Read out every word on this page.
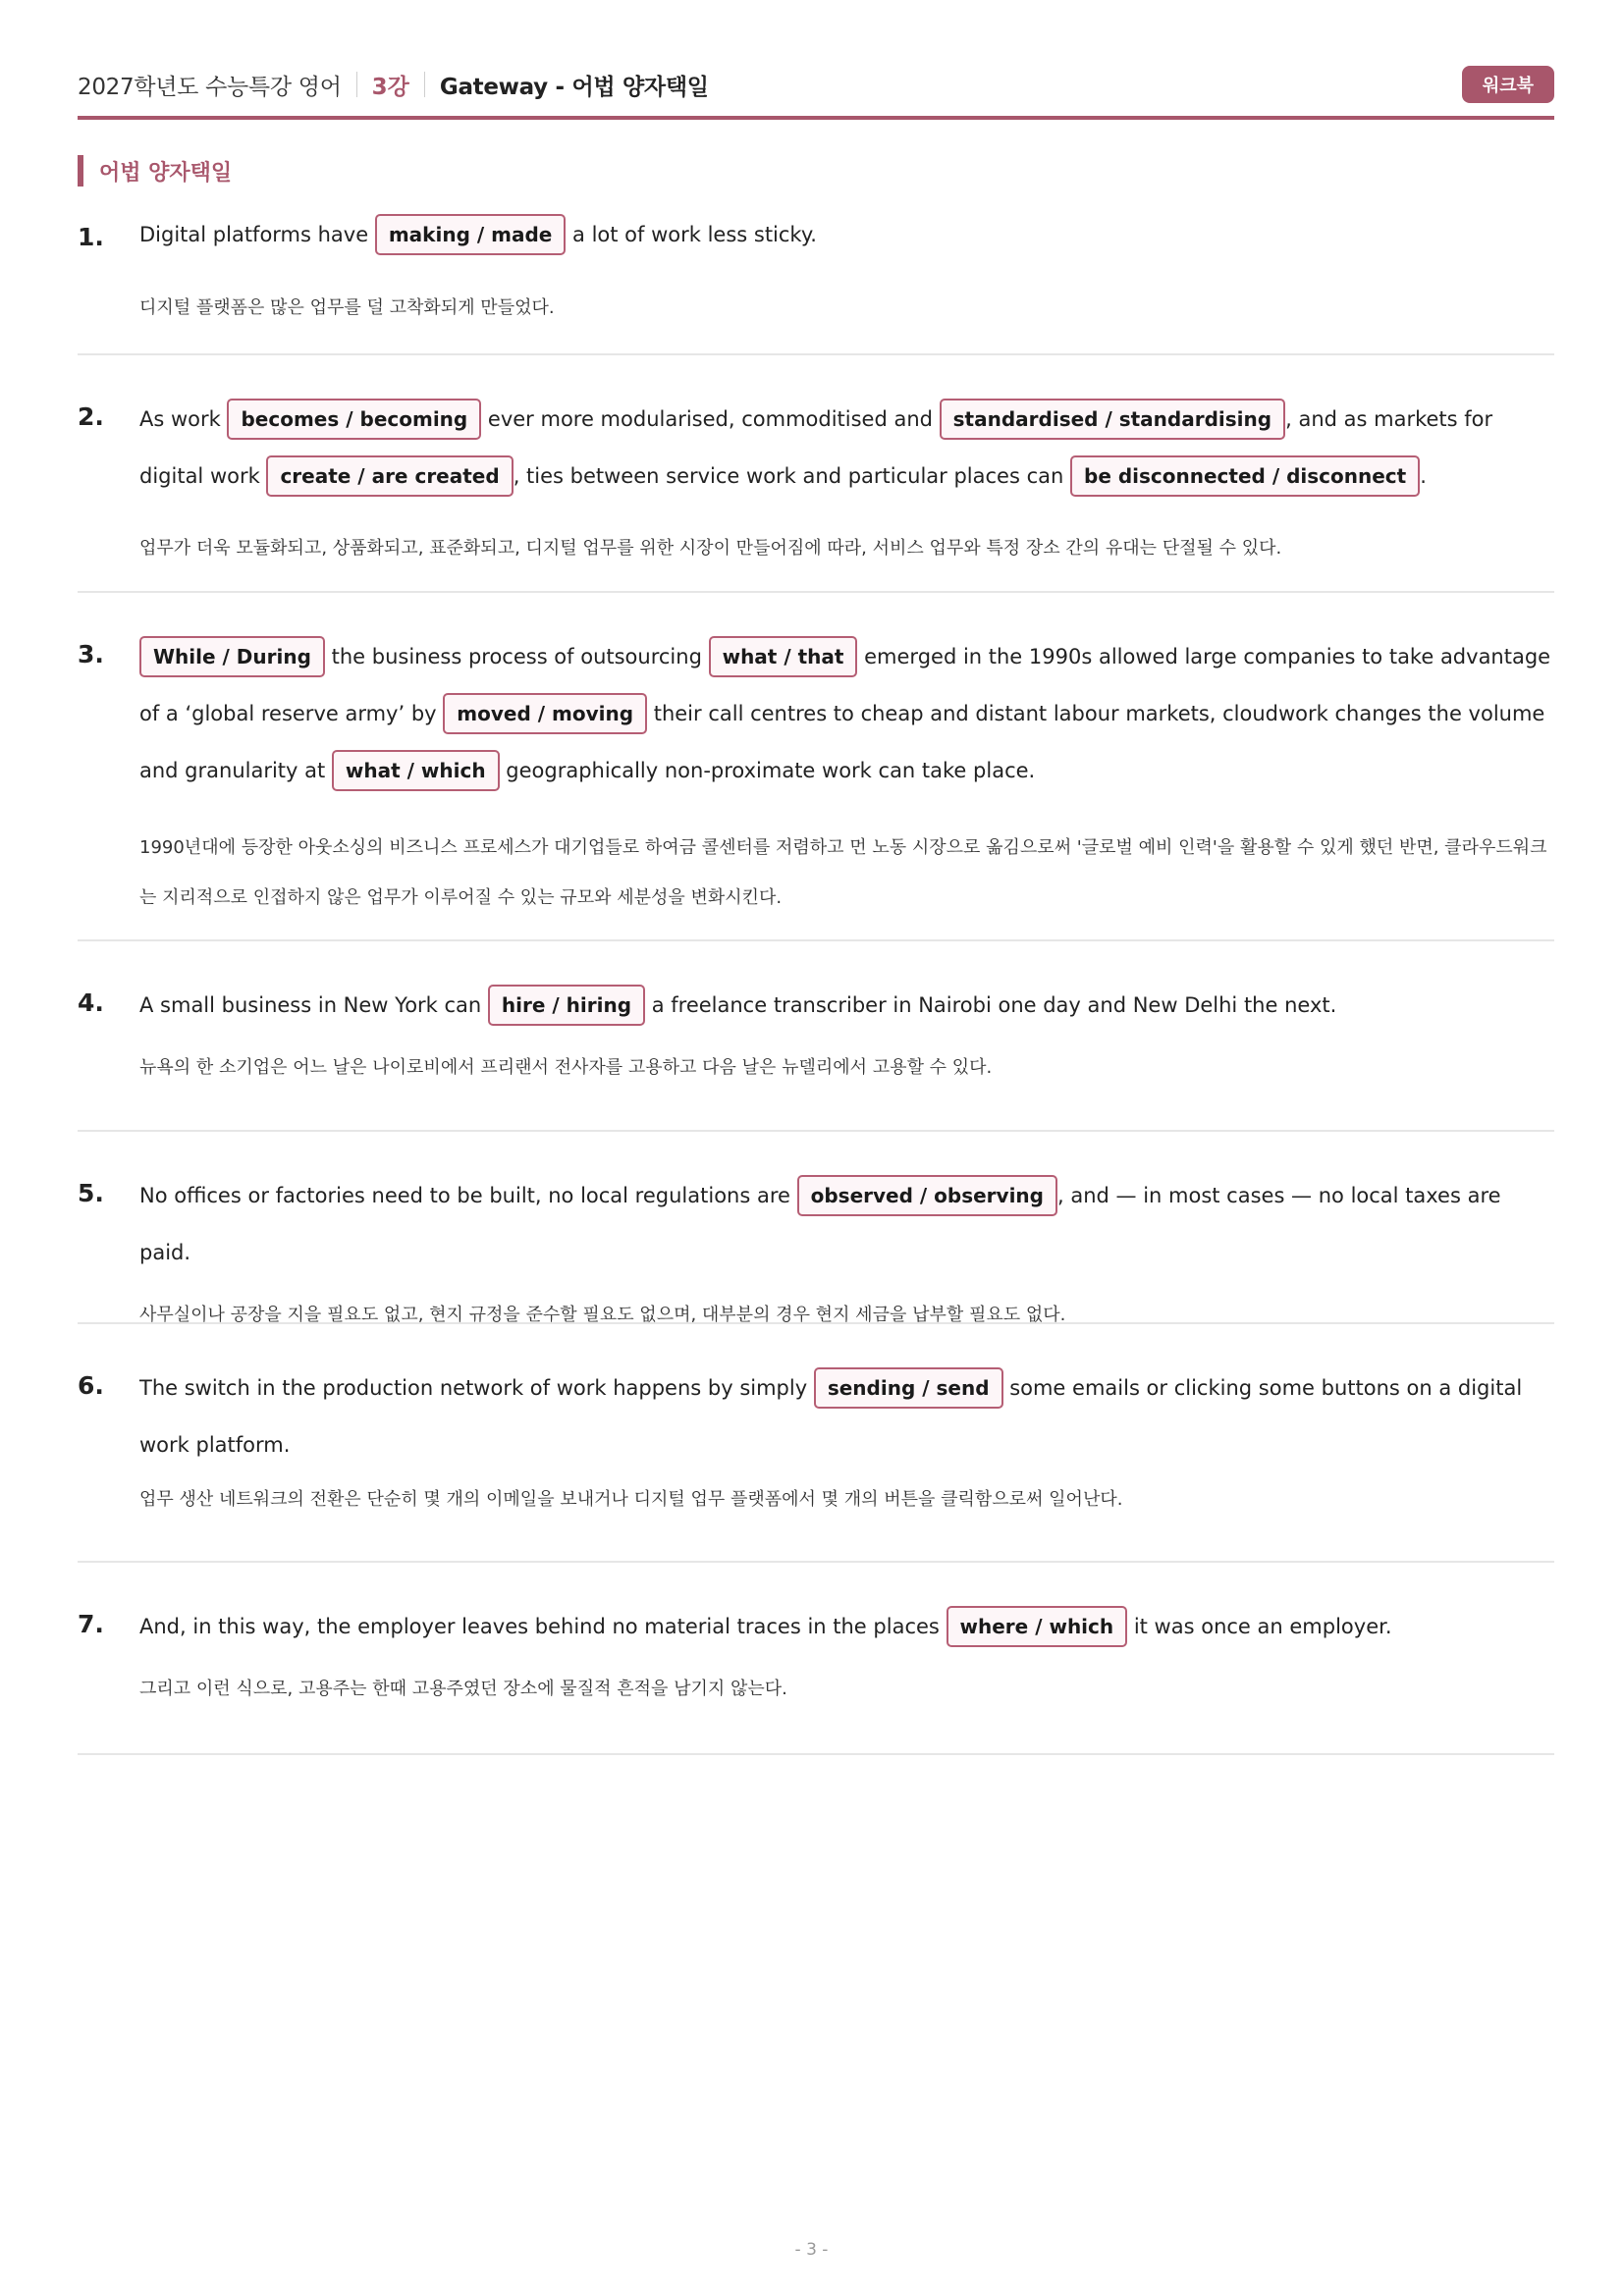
2027학년도 수능특강 영어 3강 Gateway - 어법 양자택일	워크북
어법 양자택일
1. Digital platforms have making / made a lot of work less sticky.
디지털 플랫폼은 많은 업무를 덜 고착화되게 만들었다.
2. As work becomes / becoming ever more modularised, commoditised and standardised / standardising , and as markets for digital work create / are created , ties between service work and particular places can be disconnected / disconnect .
업무가 더욱 모듈화되고, 상품화되고, 표준화되고, 디지털 업무를 위한 시장이 만들어짐에 따라, 서비스 업무와 특정 장소 간의 유대는 단절될 수 있다.
3.	While / During the business process of outsourcing what / that emerged in the 1990s allowed large companies to take advantage of a ‘global reserve army’ by moved / moving their call centres to cheap and distant labour markets, cloudwork changes the volume and granularity at what / which geographically non-proximate work can take place.
1990년대에 등장한 아웃소싱의 비즈니스 프로세스가 대기업들로 하여금 콜센터를 저렴하고 먼 노동 시장으로 옮김으로써 '글로벌 예비 인력'을 활용할 수 있게 했던 반면, 클라우드워크는 지리적으로 인접하지 않은 업무가 이루어질 수 있는 규모와 세분성을 변화시킨다.
4. A small business in New York can hire / hiring a freelance transcriber in Nairobi one day and New Delhi the next.
뉴욕의 한 소기업은 어느 날은 나이로비에서 프리랜서 전사자를 고용하고 다음 날은 뉴델리에서 고용할 수 있다.
5. No offices or factories need to be built, no local regulations are observed / observing , and — in most cases — no local taxes are paid.
사무실이나 공장을 지을 필요도 없고, 현지 규정을 준수할 필요도 없으며, 대부분의 경우 현지 세금을 납부할 필요도 없다.
6. The switch in the production network of work happens by simply sending / send some emails or clicking some buttons on a digital work platform.
업무 생산 네트워크의 전환은 단순히 몇 개의 이메일을 보내거나 디지털 업무 플랫폼에서 몇 개의 버튼을 클릭함으로써 일어난다.
7. And, in this way, the employer leaves behind no material traces in the places where / which it was once an employer.
그리고 이런 식으로, 고용주는 한때 고용주였던 장소에 물질적 흔적을 남기지 않는다.
- 3 -
